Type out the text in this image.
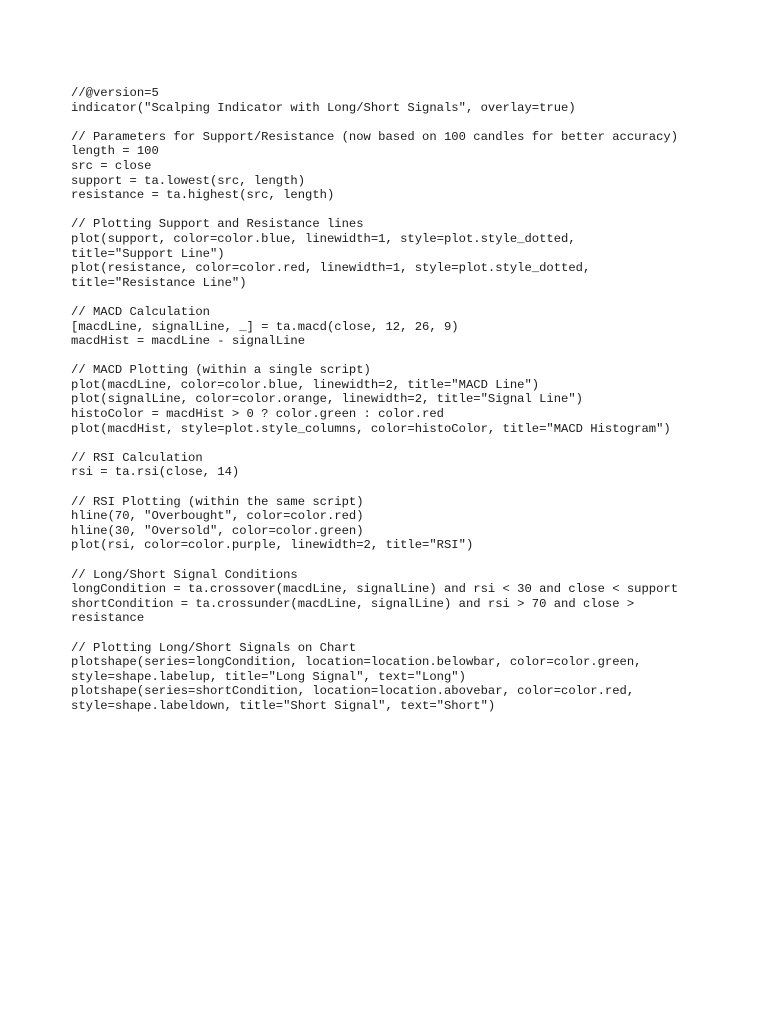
//@version=5
indicator("Scalping Indicator with Long/Short Signals", overlay=true)
// Parameters for Support/Resistance (now based on 100 candles for better accuracy)
length = 100
src = close
support = ta.lowest(src, length)
resistance = ta.highest(src, length)
// Plotting Support and Resistance lines
plot(support, color=color.blue, linewidth=1, style=plot.style_dotted,
title="Support Line")
plot(resistance, color=color.red, linewidth=1, style=plot.style_dotted,
title="Resistance Line")
// MACD Calculation
[macdLine, signalLine, _] = ta.macd(close, 12, 26, 9)
macdHist = macdLine - signalLine
// MACD Plotting (within a single script)
plot(macdLine, color=color.blue, linewidth=2, title="MACD Line")
plot(signalLine, color=color.orange, linewidth=2, title="Signal Line")
histoColor = macdHist > 0 ? color.green : color.red
plot(macdHist, style=plot.style_columns, color=histoColor, title="MACD Histogram")
// RSI Calculation
rsi = ta.rsi(close, 14)
// RSI Plotting (within the same script)
hline(70, "Overbought", color=color.red)
hline(30, "Oversold", color=color.green)
plot(rsi, color=color.purple, linewidth=2, title="RSI")
// Long/Short Signal Conditions
longCondition = ta.crossover(macdLine, signalLine) and rsi < 30 and close < support
shortCondition = ta.crossunder(macdLine, signalLine) and rsi > 70 and close >
resistance
// Plotting Long/Short Signals on Chart
plotshape(series=longCondition, location=location.belowbar, color=color.green,
style=shape.labelup, title="Long Signal", text="Long")
plotshape(series=shortCondition, location=location.abovebar, color=color.red,
style=shape.labeldown, title="Short Signal", text="Short")
